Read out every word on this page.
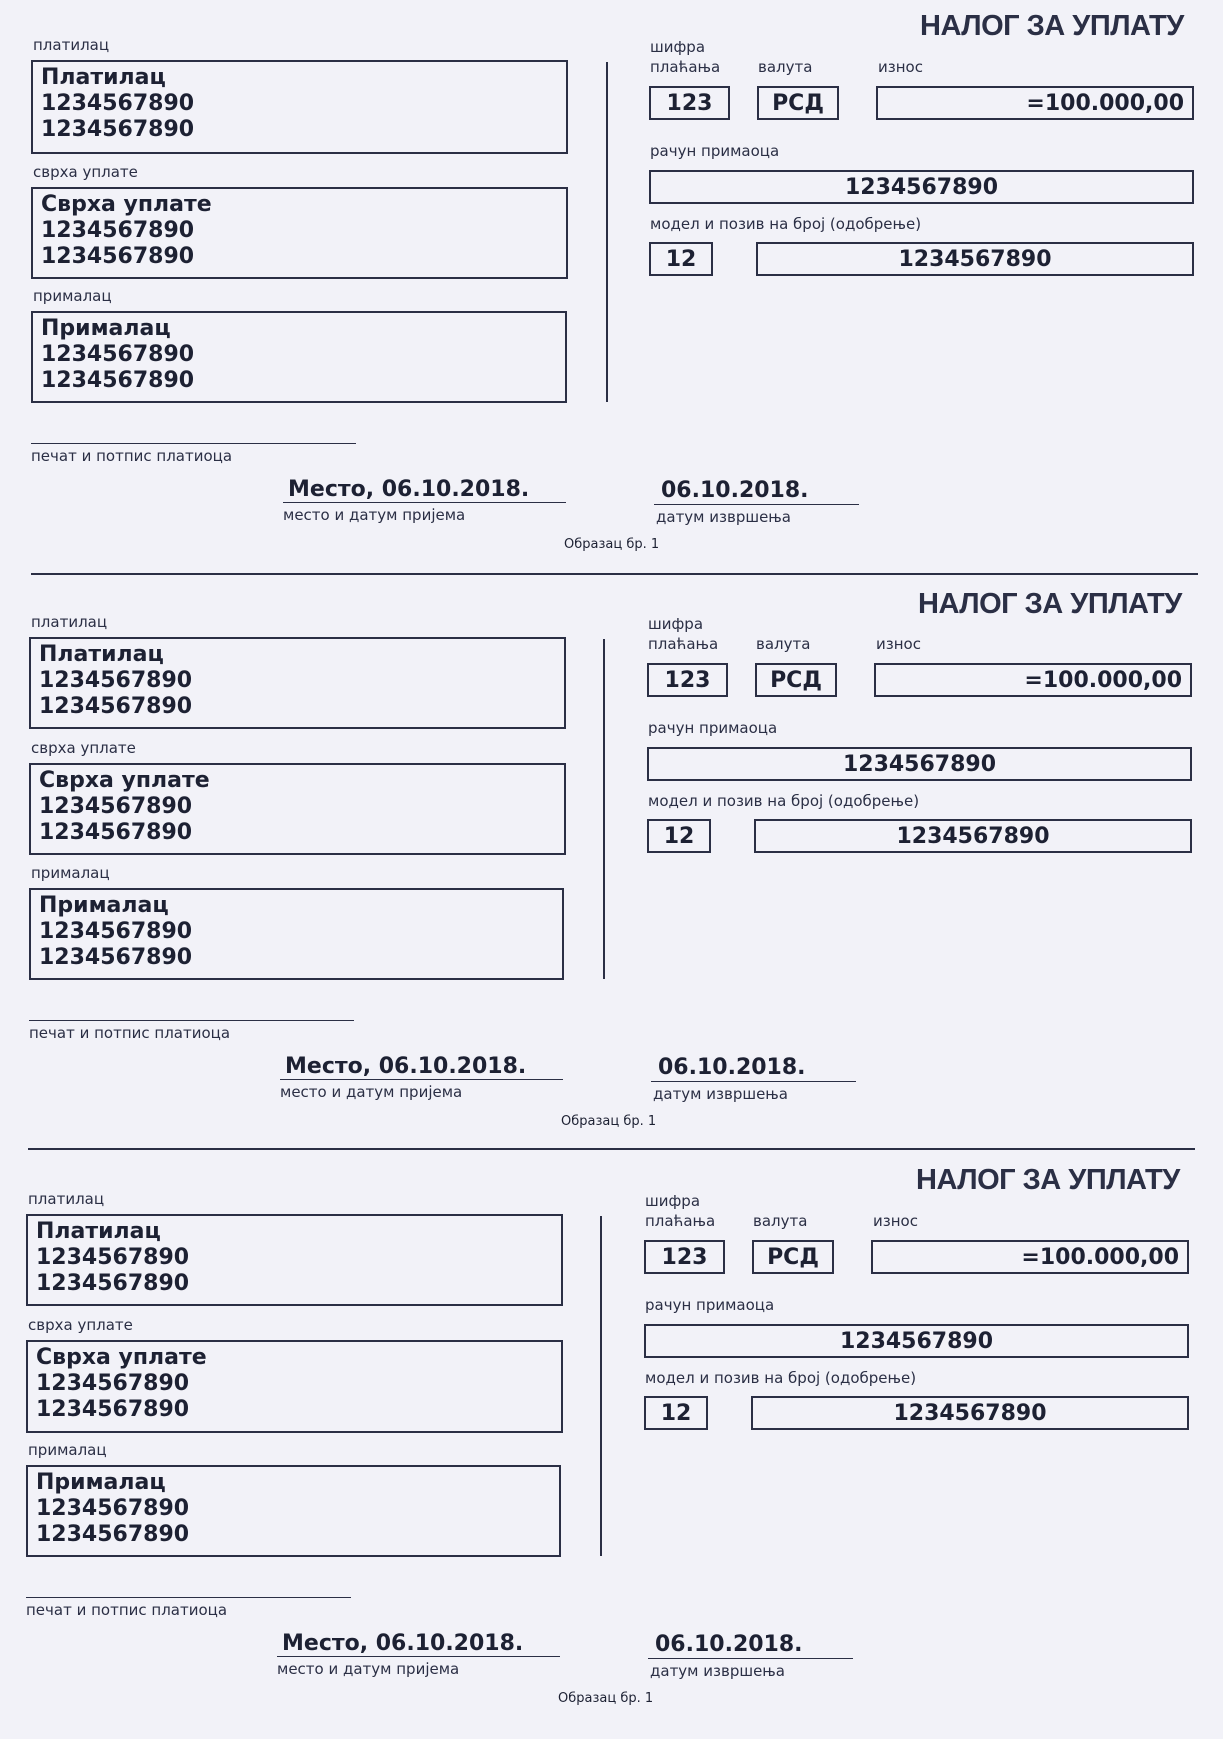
НАЛОГ ЗА УПЛАТУ
платилац
Платилац
1234567890
1234567890
сврха уплате
Сврха уплате
1234567890
1234567890
прималац
Прималац
1234567890
1234567890
шифра
плаћања
123
валута
РСД
износ
=100.000,00
рачун примаоца
1234567890
модел и позив на број (одобрење)
12	1234567890
печат и потпис платиоца
Место, 06.10.2018.
место и датум пријема
06.10.2018.
датум извршења
Образац бр. 1
НАЛОГ ЗА УПЛАТУ
платилац
Платилац
1234567890
1234567890
сврха уплате
Сврха уплате
1234567890
1234567890
прималац
Прималац
1234567890
1234567890
шифра
плаћања
123
валута
РСД
износ
=100.000,00
рачун примаоца
1234567890
модел и позив на број (одобрење)
12	1234567890
печат и потпис платиоца
Место, 06.10.2018.
место и датум пријема
06.10.2018.
датум извршења
Образац бр. 1
НАЛОГ ЗА УПЛАТУ
платилац
Платилац
1234567890
1234567890
сврха уплате
Сврха уплате
1234567890
1234567890
прималац
Прималац
1234567890
1234567890
шифра
плаћања
123
валута
РСД
износ
=100.000,00
рачун примаоца
1234567890
модел и позив на број (одобрење)
12	1234567890
печат и потпис платиоца
Место, 06.10.2018.
место и датум пријема
06.10.2018.
датум извршења
Образац бр. 1
